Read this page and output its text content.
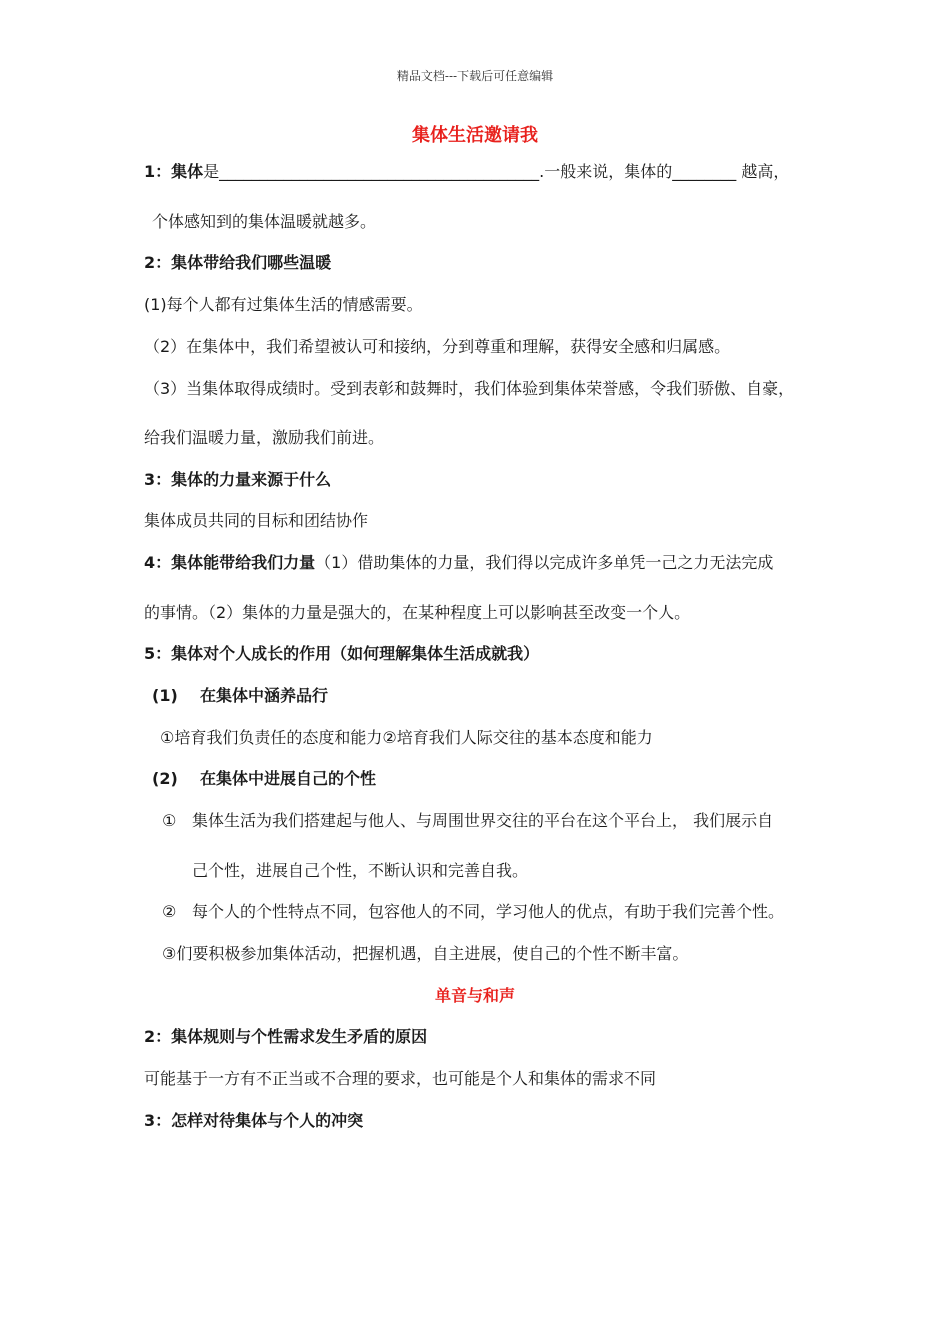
精品文档---下载后可任意编辑
集体生活邀请我
1：集体是________________________________________.一般来说，集体的________ 越高，
个体感知到的集体温暖就越多。
2：集体带给我们哪些温暖
(1)每个人都有过集体生活的情感需要。
（2）在集体中，我们希望被认可和接纳，分到尊重和理解，获得安全感和归属感。
（3）当集体取得成绩时。受到表彰和鼓舞时，我们体验到集体荣誉感，令我们骄傲、自豪，
给我们温暖力量，激励我们前进。
3：集体的力量来源于什么
集体成员共同的目标和团结协作
4：集体能带给我们力量（1）借助集体的力量，我们得以完成许多单凭一己之力无法完成
的事情。（2）集体的力量是强大的，在某种程度上可以影响甚至改变一个人。
5：集体对个人成长的作用（如何理解集体生活成就我）
(1) 在集体中涵养品行
①培育我们负责任的态度和能力②培育我们人际交往的基本态度和能力
(2) 在集体中进展自己的个性
① 集体生活为我们搭建起与他人、与周围世界交往的平台在这个平台上， 我们展示自
己个性，进展自己个性，不断认识和完善自我。
② 每个人的个性特点不同，包容他人的不同，学习他人的优点，有助于我们完善个性。
③们要积极参加集体活动，把握机遇，自主进展，使自己的个性不断丰富。
单音与和声
2：集体规则与个性需求发生矛盾的原因
可能基于一方有不正当或不合理的要求，也可能是个人和集体的需求不同
3：怎样对待集体与个人的冲突
